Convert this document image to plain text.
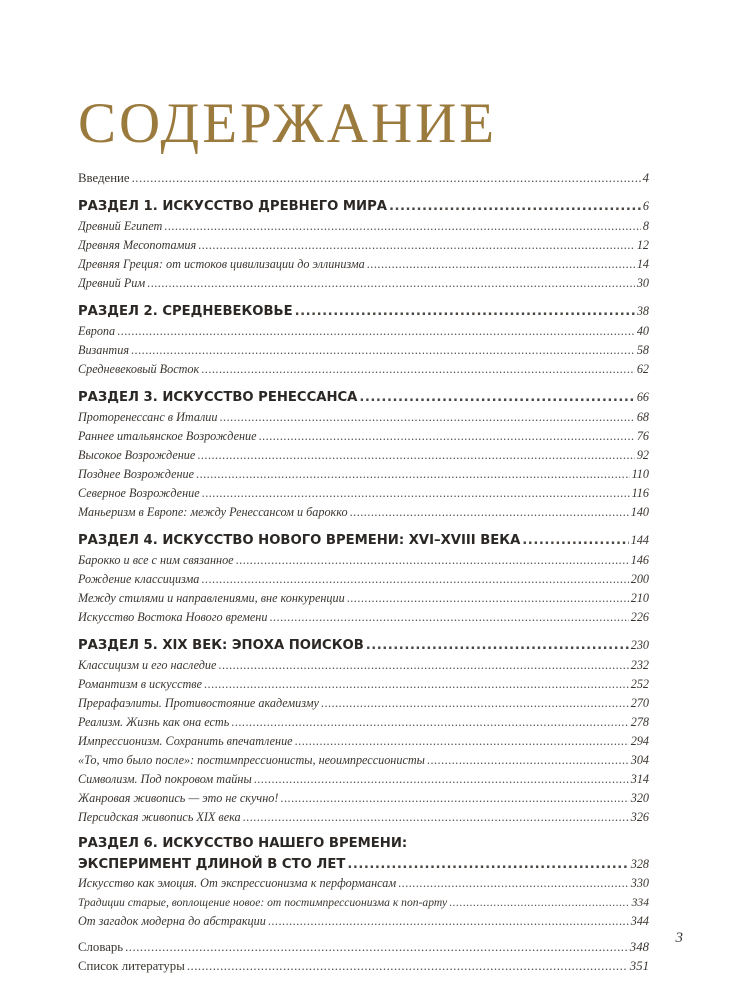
СОДЕРЖАНИЕ
Введение .....	4
РАЗДЕЛ 1. ИСКУССТВО ДРЕВНЕГО МИРА .....	6
Древний Египет .....	8
Древняя Месопотамия .....	12
Древняя Греция: от истоков цивилизации до эллинизма .....	14
Древний Рим .....	30
РАЗДЕЛ 2. СРЕДНЕВЕКОВЬЕ .....	38
Европа .....	40
Византия .....	58
Средневековый Восток .....	62
РАЗДЕЛ 3. ИСКУССТВО РЕНЕССАНСА .....	66
Проторенессанс в Италии .....	68
Раннее итальянское Возрождение .....	76
Высокое Возрождение .....	92
Позднее Возрождение .....	110
Северное Возрождение .....	116
Маньеризм в Европе: между Ренессансом и барокко .....	140
РАЗДЕЛ 4. ИСКУССТВО НОВОГО ВРЕМЕНИ: XVI–XVIII ВЕКА .....	144
Барокко и все с ним связанное .....	146
Рождение классицизма .....	200
Между стилями и направлениями, вне конкуренции .....	210
Искусство Востока Нового времени .....	226
РАЗДЕЛ 5. XIX ВЕК: ЭПОХА ПОИСКОВ .....	230
Классицизм и его наследие .....	232
Романтизм в искусстве .....	252
Прерафаэлиты. Противостояние академизму .....	270
Реализм. Жизнь как она есть .....	278
Импрессионизм. Сохранить впечатление .....	294
«То, что было после»: постимпрессионисты, неоимпрессионисты .....	304
Символизм. Под покровом тайны .....	314
Жанровая живопись — это не скучно! .....	320
Персидская живопись XIX века .....	326
РАЗДЕЛ 6. ИСКУССТВО НАШЕГО ВРЕМЕНИ:
ЭКСПЕРИМЕНТ ДЛИНОЙ В СТО ЛЕТ .....	328
Искусство как эмоция. От экспрессионизма к перформансам .....	330
Традиции старые, воплощение новое: от постимпрессионизма к поп-арту .....	334
От загадок модерна до абстракции .....	344
Словарь .....	348
Список литературы .....	351
3
